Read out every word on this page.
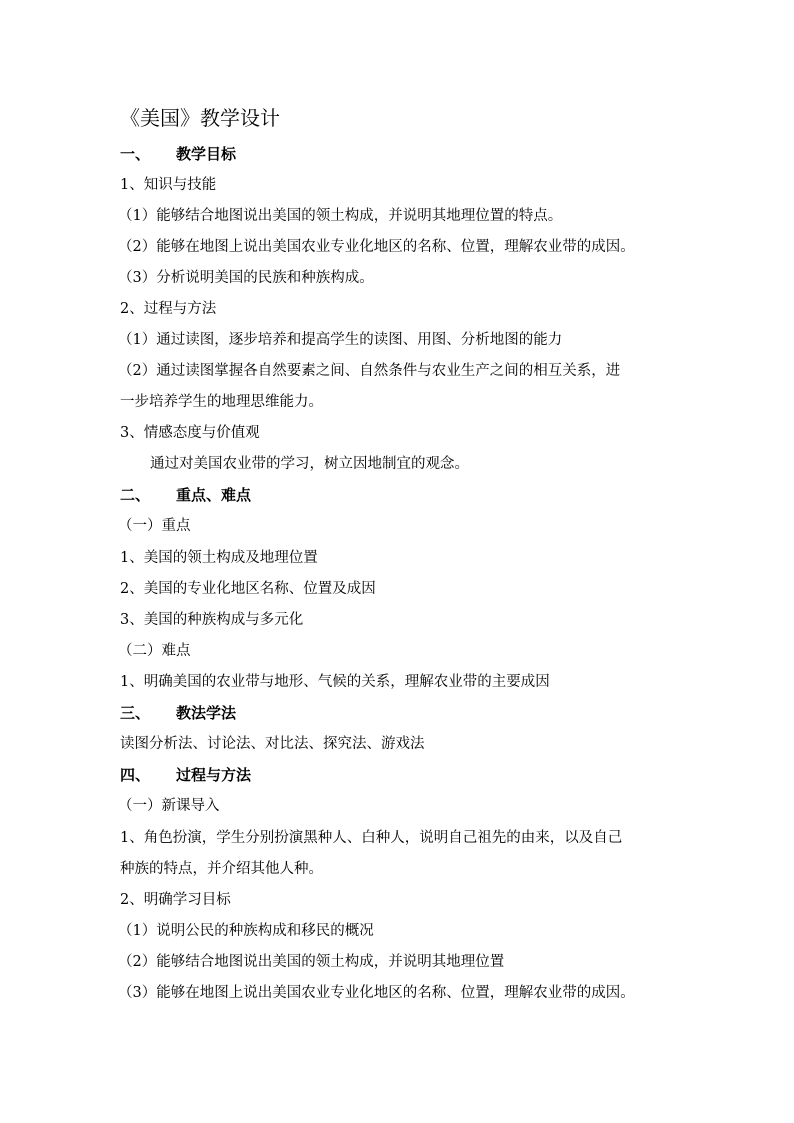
《美国》教学设计
一、 教学目标
1、知识与技能
（1）能够结合地图说出美国的领土构成，并说明其地理位置的特点。
（2）能够在地图上说出美国农业专业化地区的名称、位置，理解农业带的成因。
（3）分析说明美国的民族和种族构成。
2、过程与方法
（1）通过读图，逐步培养和提高学生的读图、用图、分析地图的能力
（2）通过读图掌握各自然要素之间、自然条件与农业生产之间的相互关系，进
一步培养学生的地理思维能力。
3、情感态度与价值观
通过对美国农业带的学习，树立因地制宜的观念。
二、 重点、难点
（一）重点
1、美国的领土构成及地理位置
2、美国的专业化地区名称、位置及成因
3、美国的种族构成与多元化
（二）难点
1、明确美国的农业带与地形、气候的关系，理解农业带的主要成因
三、 教法学法
读图分析法、讨论法、对比法、探究法、游戏法
四、 过程与方法
（一）新课导入
1、角色扮演，学生分别扮演黑种人、白种人，说明自己祖先的由来，以及自己
种族的特点，并介绍其他人种。
2、明确学习目标
（1）说明公民的种族构成和移民的概况
（2）能够结合地图说出美国的领土构成，并说明其地理位置
（3）能够在地图上说出美国农业专业化地区的名称、位置，理解农业带的成因。
